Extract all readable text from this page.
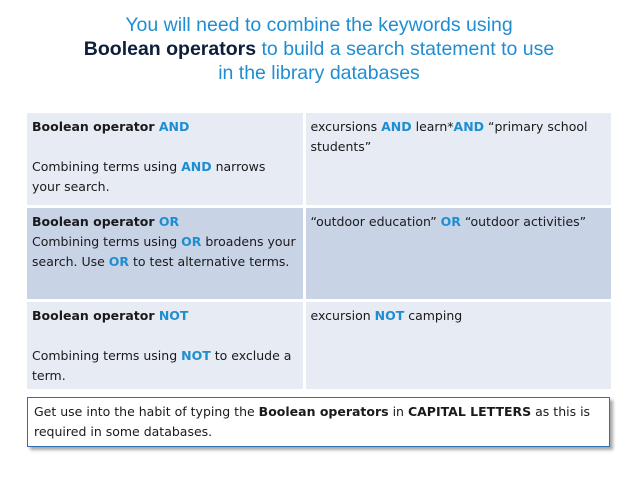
You will need to combine the keywords using
Boolean operators to build a search statement to use
in the library databases
Boolean operator AND
Combining terms using AND narrows your search.	excursions AND learn*AND “primary school students”

Boolean operator OR
Combining terms using OR broadens your search. Use OR to test alternative terms.	“outdoor education” OR “outdoor activities”

Boolean operator NOT
Combining terms using NOT to exclude a term.	excursion NOT camping
Get use into the habit of typing the Boolean operators in CAPITAL LETTERS as this is required in some databases.
